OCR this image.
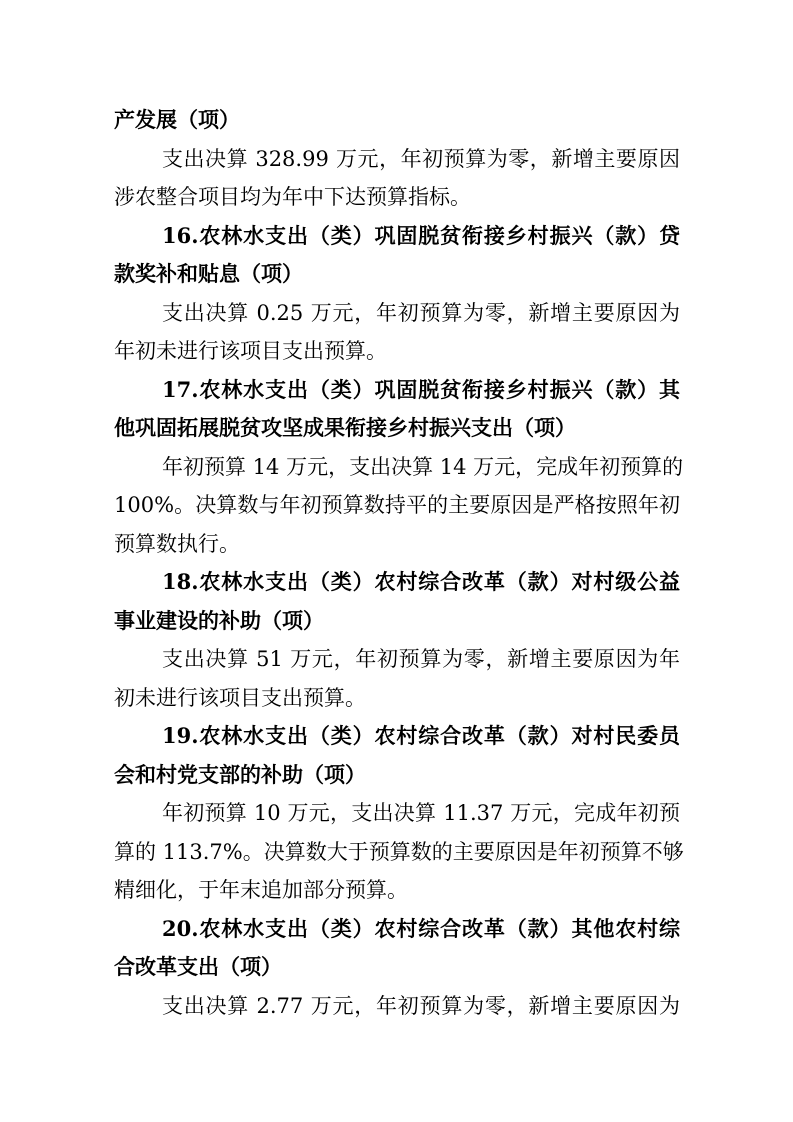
产发展（项）
支出决算 328.99 万元，年初预算为零，新增主要原因
涉农整合项目均为年中下达预算指标。
16.农林水支出（类）巩固脱贫衔接乡村振兴（款）贷
款奖补和贴息（项）
支出决算 0.25 万元，年初预算为零，新增主要原因为
年初未进行该项目支出预算。
17.农林水支出（类）巩固脱贫衔接乡村振兴（款）其
他巩固拓展脱贫攻坚成果衔接乡村振兴支出（项）
年初预算 14 万元，支出决算 14 万元，完成年初预算的
100%。决算数与年初预算数持平的主要原因是严格按照年初
预算数执行。
18.农林水支出（类）农村综合改革（款）对村级公益
事业建设的补助（项）
支出决算 51 万元，年初预算为零，新增主要原因为年
初未进行该项目支出预算。
19.农林水支出（类）农村综合改革（款）对村民委员
会和村党支部的补助（项）
年初预算 10 万元，支出决算 11.37 万元，完成年初预
算的 113.7%。决算数大于预算数的主要原因是年初预算不够
精细化，于年末追加部分预算。
20.农林水支出（类）农村综合改革（款）其他农村综
合改革支出（项）
支出决算 2.77 万元，年初预算为零，新增主要原因为
